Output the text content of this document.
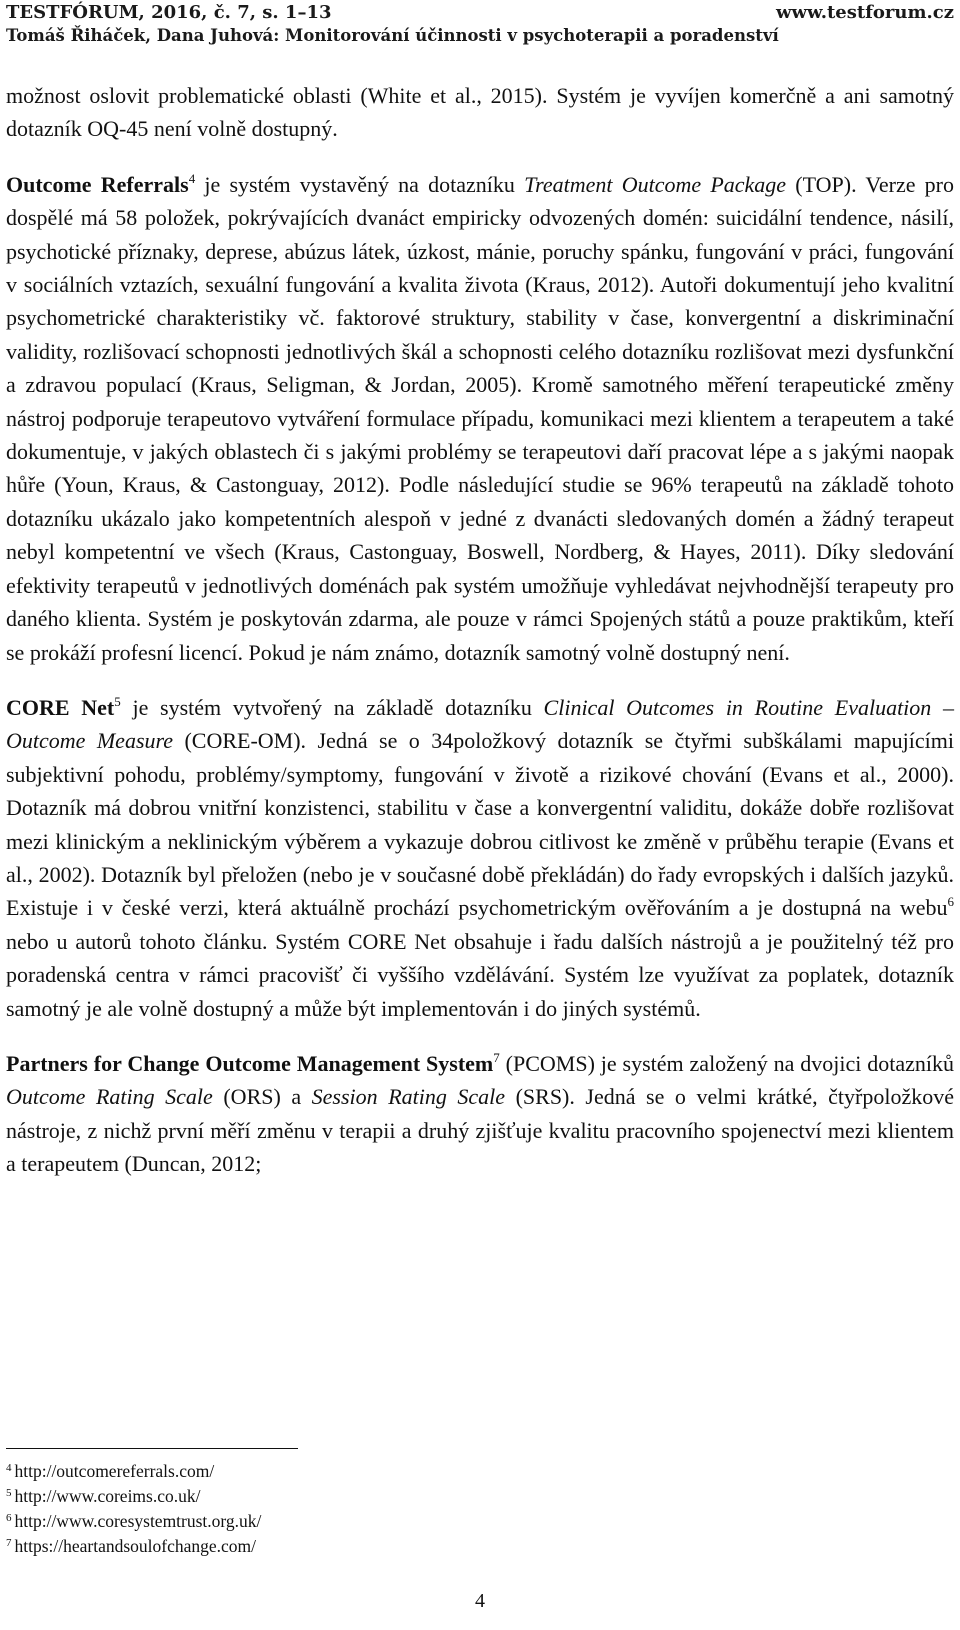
TESTFÓRUM, 2016, č. 7, s. 1–13	www.testforum.cz
Tomáš Řiháček, Dana Juhová: Monitorování účinnosti v psychoterapii a poradenství

možnost oslovit problematické oblasti (White et al., 2015). Systém je vyvíjen komerčně a ani samotný dotazník OQ-45 není volně dostupný.

Outcome Referrals$^4$ je systém vystavěný na dotazníku Treatment Outcome Package (TOP). Verze pro dospělé má 58 položek, pokrývajících dvanáct empiricky odvozených domén: suicidální tendence, násilí, psychotické příznaky, deprese, abúzus látek, úzkost, mánie, poruchy spánku, fungování v práci, fungování v sociálních vztazích, sexuální fungování a kvalita života (Kraus, 2012). Autoři dokumentují jeho kvalitní psychometrické charakteristiky vč. faktorové struktury, stability v čase, konvergentní a diskriminační validity, rozlišovací schopnosti jednotlivých škál a schopnosti celého dotazníku rozlišovat mezi dysfunkční a zdravou populací (Kraus, Seligman, & Jordan, 2005). Kromě samotného měření terapeutické změny nástroj podporuje terapeutovo vytváření formulace případu, komunikaci mezi klientem a terapeutem a také dokumentuje, v jakých oblastech či s jakými problémy se terapeutovi daří pracovat lépe a s jakými naopak hůře (Youn, Kraus, & Castonguay, 2012). Podle následující studie se 96% terapeutů na základě tohoto dotazníku ukázalo jako kompetentních alespoň v jedné z dvanácti sledovaných domén a žádný terapeut nebyl kompetentní ve všech (Kraus, Castonguay, Boswell, Nordberg, & Hayes, 2011). Díky sledování efektivity terapeutů v jednotlivých doménách pak systém umožňuje vyhledávat nejvhodnější terapeuty pro daného klienta. Systém je poskytován zdarma, ale pouze v rámci Spojených států a pouze praktikům, kteří se prokáží profesní licencí. Pokud je nám známo, dotazník samotný volně dostupný není.

CORE Net$^5$ je systém vytvořený na základě dotazníku Clinical Outcomes in Routine Evaluation – Outcome Measure (CORE-OM). Jedná se o 34položkový dotazník se čtyřmi subškálami mapujícími subjektivní pohodu, problémy/symptomy, fungování v životě a rizikové chování (Evans et al., 2000). Dotazník má dobrou vnitřní konzistenci, stabilitu v čase a konvergentní validitu, dokáže dobře rozlišovat mezi klinickým a neklinickým výběrem a vykazuje dobrou citlivost ke změně v průběhu terapie (Evans et al., 2002). Dotazník byl přeložen (nebo je v současné době překládán) do řady evropských i dalších jazyků. Existuje i v české verzi, která aktuálně prochází psychometrickým ověřováním a je dostupná na webu$^6$ nebo u autorů tohoto článku. Systém CORE Net obsahuje i řadu dalších nástrojů a je použitelný též pro poradenská centra v rámci pracovišť či vyššího vzdělávání. Systém lze využívat za poplatek, dotazník samotný je ale volně dostupný a může být implementován i do jiných systémů.

Partners for Change Outcome Management System$^7$ (PCOMS) je systém založený na dvojici dotazníků Outcome Rating Scale (ORS) a Session Rating Scale (SRS). Jedná se o velmi krátké, čtyřpoložkové nástroje, z nichž první měří změnu v terapii a druhý zjišťuje kvalitu pracovního spojenectví mezi klientem a terapeutem (Duncan, 2012;

$^4$ http://outcomereferrals.com/
$^5$ http://www.coreims.co.uk/
$^6$ http://www.coresystemtrust.org.uk/
$^7$ https://heartandsoulofchange.com/
4
